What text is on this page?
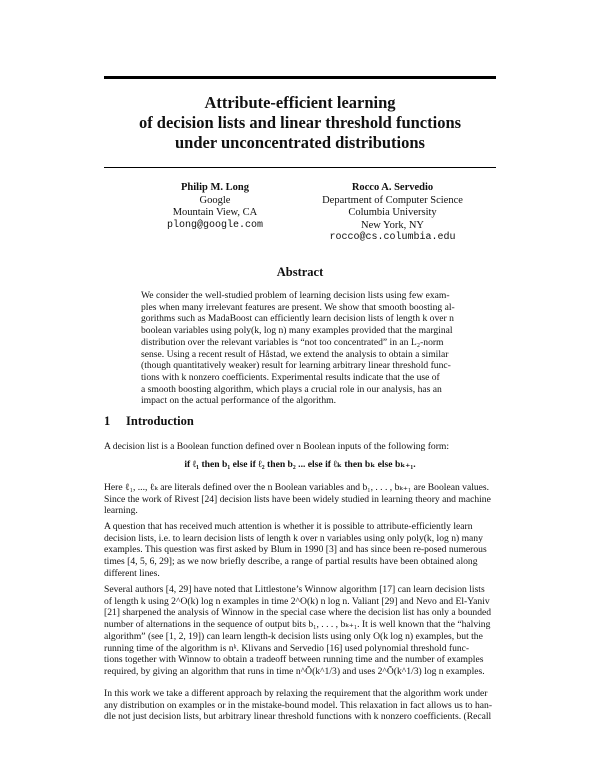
Attribute-efficient learning
of decision lists and linear threshold functions
under unconcentrated distributions
Philip M. Long
Google
Mountain View, CA
plong@google.com
Rocco A. Servedio
Department of Computer Science
Columbia University
New York, NY
rocco@cs.columbia.edu
Abstract
We consider the well-studied problem of learning decision lists using few exam-
ples when many irrelevant features are present. We show that smooth boosting al-
gorithms such as MadaBoost can efficiently learn decision lists of length k over n
boolean variables using poly(k, log n) many examples provided that the marginal
distribution over the relevant variables is “not too concentrated” in an L₂-norm
sense. Using a recent result of Håstad, we extend the analysis to obtain a similar
(though quantitatively weaker) result for learning arbitrary linear threshold func-
tions with k nonzero coefficients. Experimental results indicate that the use of
a smooth boosting algorithm, which plays a crucial role in our analysis, has an
impact on the actual performance of the algorithm.
1 Introduction
A decision list is a Boolean function defined over n Boolean inputs of the following form:
if ℓ₁ then b₁ else if ℓ₂ then b₂ ... else if ℓₖ then bₖ else bₖ₊₁.
Here ℓ₁, ..., ℓₖ are literals defined over the n Boolean variables and b₁, . . . , bₖ₊₁ are Boolean values.
Since the work of Rivest [24] decision lists have been widely studied in learning theory and machine
learning.
A question that has received much attention is whether it is possible to attribute-efficiently learn
decision lists, i.e. to learn decision lists of length k over n variables using only poly(k, log n) many
examples. This question was first asked by Blum in 1990 [3] and has since been re-posed numerous
times [4, 5, 6, 29]; as we now briefly describe, a range of partial results have been obtained along
different lines.
Several authors [4, 29] have noted that Littlestone’s Winnow algorithm [17] can learn decision lists
of length k using 2^O(k) log n examples in time 2^O(k) n log n. Valiant [29] and Nevo and El-Yaniv
[21] sharpened the analysis of Winnow in the special case where the decision list has only a bounded
number of alternations in the sequence of output bits b₁, . . . , bₖ₊₁. It is well known that the “halving
algorithm” (see [1, 2, 19]) can learn length-k decision lists using only O(k log n) examples, but the
running time of the algorithm is nᵏ. Klivans and Servedio [16] used polynomial threshold func-
tions together with Winnow to obtain a tradeoff between running time and the number of examples
required, by giving an algorithm that runs in time n^Õ(k^1/3) and uses 2^Õ(k^1/3) log n examples.
In this work we take a different approach by relaxing the requirement that the algorithm work under
any distribution on examples or in the mistake-bound model. This relaxation in fact allows us to han-
dle not just decision lists, but arbitrary linear threshold functions with k nonzero coefficients. (Recall
